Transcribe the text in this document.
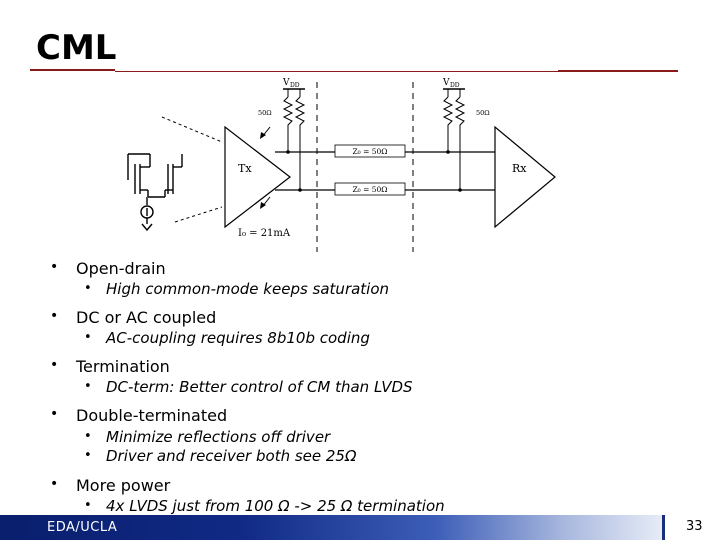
CML
Tx	Rx
Z₀ = 50Ω
Z₀ = 50Ω
V DD
50Ω
V DD
50Ω
I₀ = 21mA
• Open-drain
• High common-mode keeps saturation
• DC or AC coupled
• AC-coupling requires 8b10b coding
• Termination
• DC-term: Better control of CM than LVDS
• Double-terminated
• Minimize reflections off driver
• Driver and receiver both see 25Ω
• More power
• 4x LVDS just from 100 Ω -> 25 Ω termination
EDA/UCLA	33
